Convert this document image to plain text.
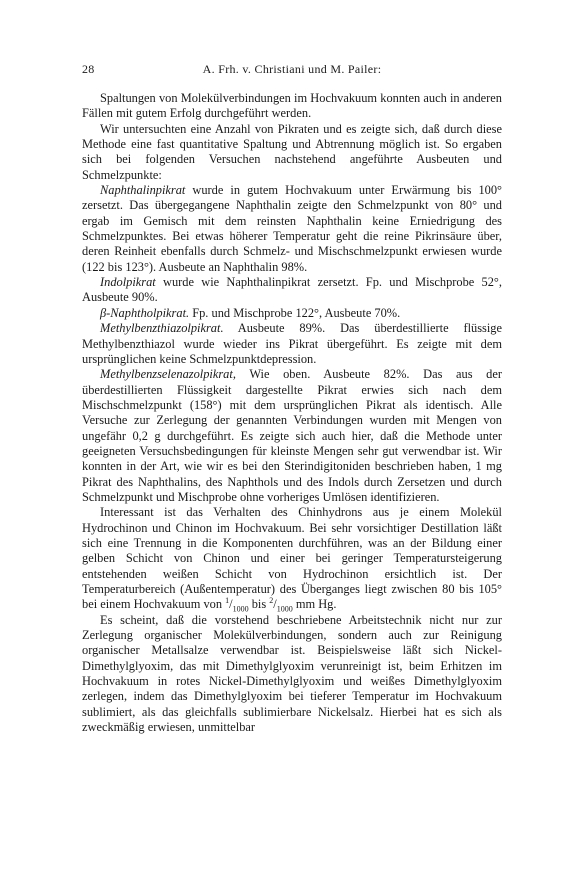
28	A. Frh. v. Christiani und M. Pailer:

Spaltungen von Molekülverbindungen im Hochvakuum konnten auch in anderen Fällen mit gutem Erfolg durchgeführt werden.

Wir untersuchten eine Anzahl von Pikraten und es zeigte sich, daß durch diese Methode eine fast quantitative Spaltung und Abtrennung möglich ist. So ergaben sich bei folgenden Versuchen nachstehend angeführte Ausbeuten und Schmelzpunkte:

Naphthalinpikrat wurde in gutem Hochvakuum unter Erwärmung bis 100° zersetzt. Das übergegangene Naphthalin zeigte den Schmelzpunkt von 80° und ergab im Gemisch mit dem reinsten Naphthalin keine Erniedrigung des Schmelzpunktes. Bei etwas höherer Temperatur geht die reine Pikrinsäure über, deren Reinheit ebenfalls durch Schmelz- und Mischschmelzpunkt erwiesen wurde (122 bis 123°). Ausbeute an Naphthalin 98%.

Indolpikrat wurde wie Naphthalinpikrat zersetzt. Fp. und Mischprobe 52°, Ausbeute 90%.

β-Naphtholpikrat. Fp. und Mischprobe 122°, Ausbeute 70%.

Methylbenzthiazolpikrat. Ausbeute 89%. Das überdestillierte flüssige Methylbenzthiazol wurde wieder ins Pikrat übergeführt. Es zeigte mit dem ursprünglichen keine Schmelzpunktdepression.

Methylbenzselenazolpikrat, Wie oben. Ausbeute 82%. Das aus der überdestillierten Flüssigkeit dargestellte Pikrat erwies sich nach dem Mischschmelzpunkt (158°) mit dem ursprünglichen Pikrat als identisch. Alle Versuche zur Zerlegung der genannten Verbindungen wurden mit Mengen von ungefähr 0,2 g durchgeführt. Es zeigte sich auch hier, daß die Methode unter geeigneten Versuchsbedingungen für kleinste Mengen sehr gut verwendbar ist. Wir konnten in der Art, wie wir es bei den Sterindigitoniden beschrieben haben, 1 mg Pikrat des Naphthalins, des Naphthols und des Indols durch Zersetzen und durch Schmelzpunkt und Mischprobe ohne vorheriges Umlösen identifizieren.

Interessant ist das Verhalten des Chinhydrons aus je einem Molekül Hydrochinon und Chinon im Hochvakuum. Bei sehr vorsichtiger Destillation läßt sich eine Trennung in die Komponenten durchführen, was an der Bildung einer gelben Schicht von Chinon und einer bei geringer Temperatursteigerung entstehenden weißen Schicht von Hydrochinon ersichtlich ist. Der Temperaturbereich (Außentemperatur) des Überganges liegt zwischen 80 bis 105° bei einem Hochvakuum von $^1/_{1000}$ bis $^2/_{1000}$ mm Hg.

Es scheint, daß die vorstehend beschriebene Arbeitstechnik nicht nur zur Zerlegung organischer Molekülverbindungen, sondern auch zur Reinigung organischer Metallsalze verwendbar ist. Beispielsweise läßt sich Nickel-Dimethylglyoxim, das mit Dimethylglyoxim verunreinigt ist, beim Erhitzen im Hochvakuum in rotes Nickel-Dimethylglyoxim und weißes Dimethylglyoxim zerlegen, indem das Dimethylglyoxim bei tieferer Temperatur im Hochvakuum sublimiert, als das gleichfalls sublimierbare Nickelsalz. Hierbei hat es sich als zweckmäßig erwiesen, unmittelbar
